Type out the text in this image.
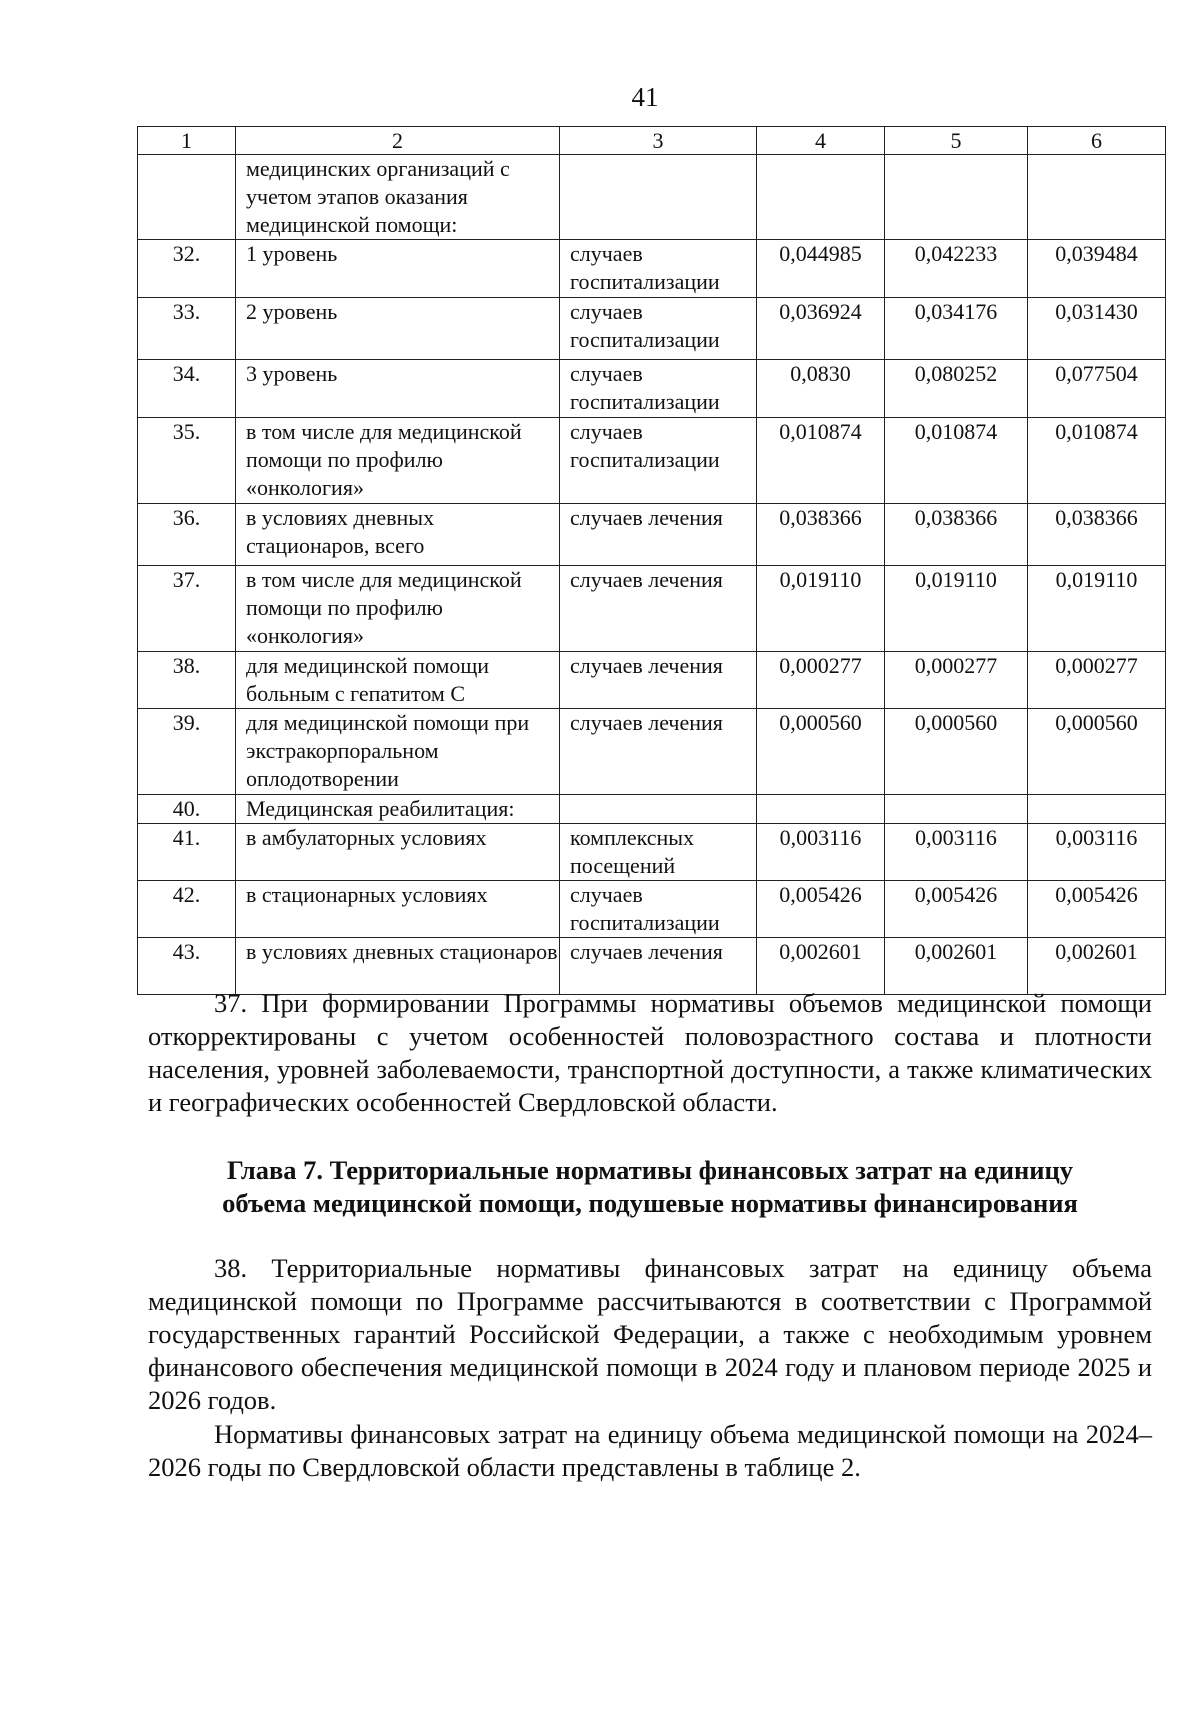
41
1	2	3	4	5	6
	медицинских организаций с учетом этапов оказания медицинской помощи:				
32.	1 уровень	случаев госпитализации	0,044985	0,042233	0,039484
33.	2 уровень	случаев госпитализации	0,036924	0,034176	0,031430
34.	3 уровень	случаев госпитализации	0,0830	0,080252	0,077504
35.	в том числе для медицинской помощи по профилю «онкология»	случаев госпитализации	0,010874	0,010874	0,010874
36.	в условиях дневных стационаров, всего	случаев лечения	0,038366	0,038366	0,038366
37.	в том числе для медицинской помощи по профилю «онкология»	случаев лечения	0,019110	0,019110	0,019110
38.	для медицинской помощи больным с гепатитом С	случаев лечения	0,000277	0,000277	0,000277
39.	для медицинской помощи при экстракорпоральном оплодотворении	случаев лечения	0,000560	0,000560	0,000560
40.	Медицинская реабилитация:				
41.	в амбулаторных условиях	комплексных посещений	0,003116	0,003116	0,003116
42.	в стационарных условиях	случаев госпитализации	0,005426	0,005426	0,005426
43.	в условиях дневных стационаров	случаев лечения	0,002601	0,002601	0,002601
37. При формировании Программы нормативы объемов медицинской помощи откорректированы с учетом особенностей половозрастного состава и плотности населения, уровней заболеваемости, транспортной доступности, а также климатических и географических особенностей Свердловской области.
Глава 7. Территориальные нормативы финансовых затрат на единицу
объема медицинской помощи, подушевые нормативы финансирования
38. Территориальные нормативы финансовых затрат на единицу объема медицинской помощи по Программе рассчитываются в соответствии с Программой государственных гарантий Российской Федерации, а также с необходимым уровнем финансового обеспечения медицинской помощи в 2024 году и плановом периоде 2025 и 2026 годов.
Нормативы финансовых затрат на единицу объема медицинской помощи на 2024–2026 годы по Свердловской области представлены в таблице 2.
